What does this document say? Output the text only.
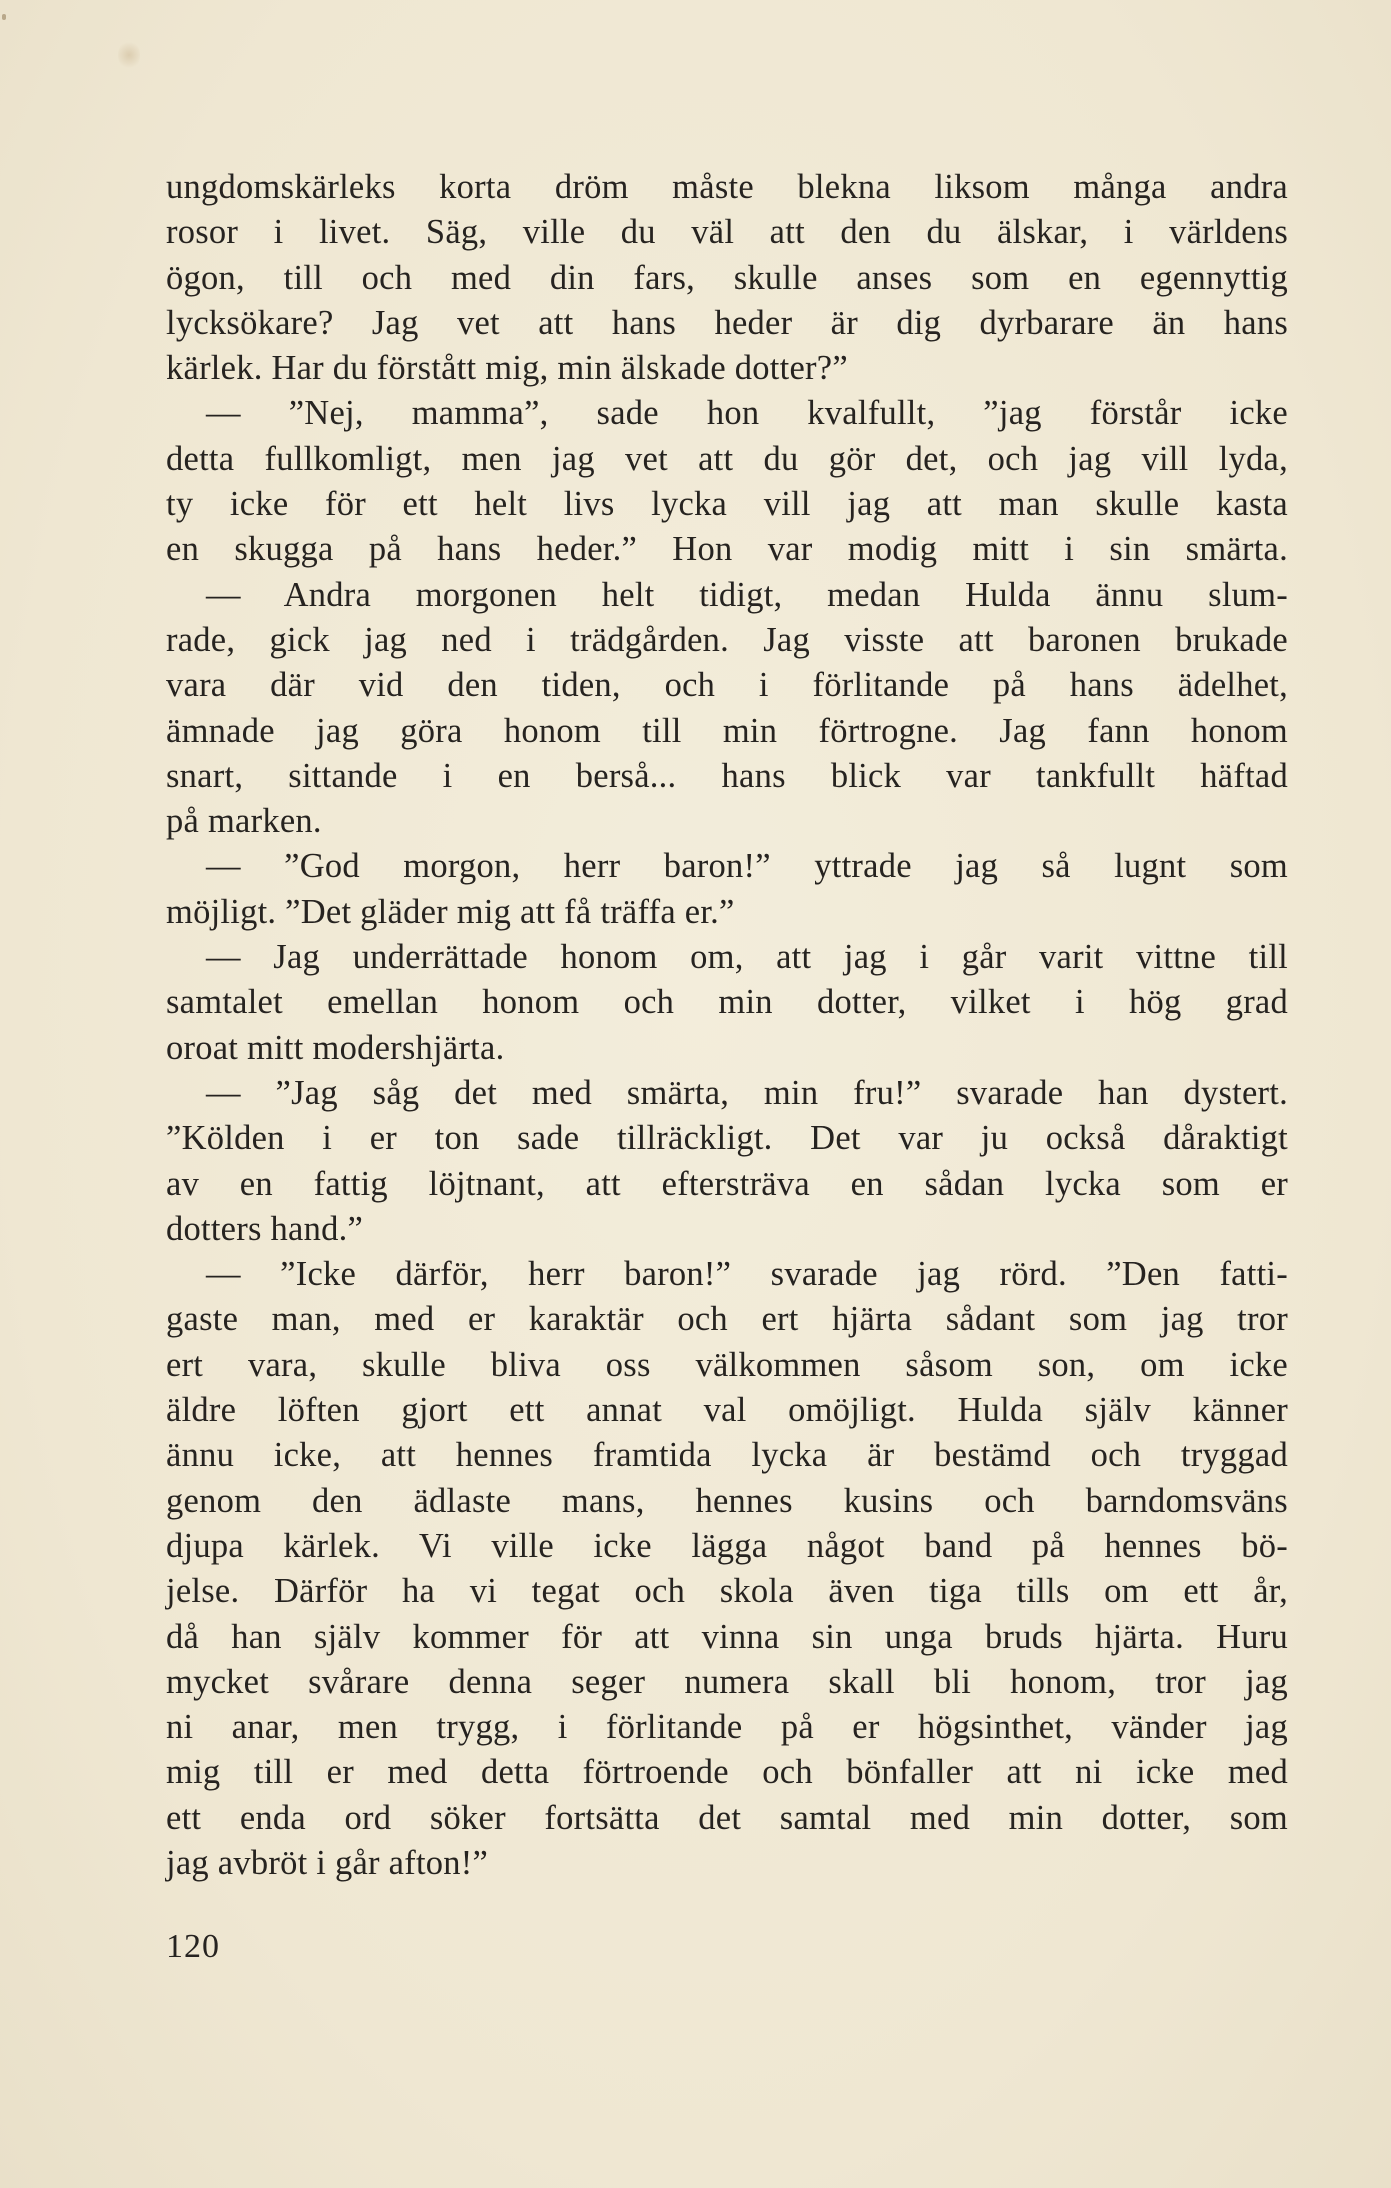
ungdomskärleks korta dröm måste blekna liksom många andra
rosor i livet. Säg, ville du väl att den du älskar, i världens
ögon, till och med din fars, skulle anses som en egennyttig
lycksökare? Jag vet att hans heder är dig dyrbarare än hans
kärlek. Har du förstått mig, min älskade dotter?”
— ”Nej, mamma”, sade hon kvalfullt, ”jag förstår icke
detta fullkomligt, men jag vet att du gör det, och jag vill lyda,
ty icke för ett helt livs lycka vill jag att man skulle kasta
en skugga på hans heder.” Hon var modig mitt i sin smärta.
— Andra morgonen helt tidigt, medan Hulda ännu slum-
rade, gick jag ned i trädgården. Jag visste att baronen brukade
vara där vid den tiden, och i förlitande på hans ädelhet,
ämnade jag göra honom till min förtrogne. Jag fann honom
snart, sittande i en berså... hans blick var tankfullt häftad
på marken.
— ”God morgon, herr baron!” yttrade jag så lugnt som
möjligt. ”Det gläder mig att få träffa er.”
— Jag underrättade honom om, att jag i går varit vittne till
samtalet emellan honom och min dotter, vilket i hög grad
oroat mitt modershjärta.
— ”Jag såg det med smärta, min fru!” svarade han dystert.
”Kölden i er ton sade tillräckligt. Det var ju också dåraktigt
av en fattig löjtnant, att eftersträva en sådan lycka som er
dotters hand.”
— ”Icke därför, herr baron!” svarade jag rörd. ”Den fatti-
gaste man, med er karaktär och ert hjärta sådant som jag tror
ert vara, skulle bliva oss välkommen såsom son, om icke
äldre löften gjort ett annat val omöjligt. Hulda själv känner
ännu icke, att hennes framtida lycka är bestämd och tryggad
genom den ädlaste mans, hennes kusins och barndomsväns
djupa kärlek. Vi ville icke lägga något band på hennes bö-
jelse. Därför ha vi tegat och skola även tiga tills om ett år,
då han själv kommer för att vinna sin unga bruds hjärta. Huru
mycket svårare denna seger numera skall bli honom, tror jag
ni anar, men trygg, i förlitande på er högsinthet, vänder jag
mig till er med detta förtroende och bönfaller att ni icke med
ett enda ord söker fortsätta det samtal med min dotter, som
jag avbröt i går afton!”
120
